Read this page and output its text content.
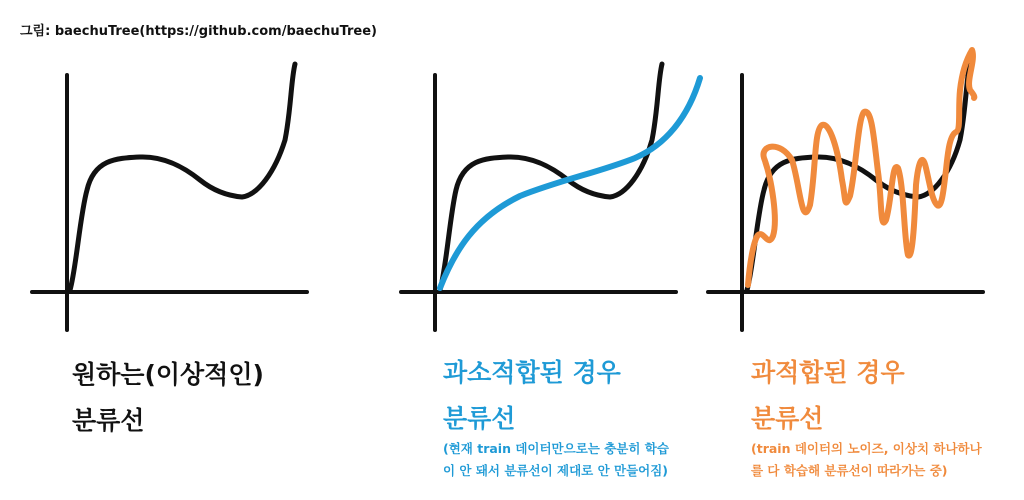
그림: baechuTree(https://github.com/baechuTree)
원하는(이상적인)
분류선
과소적합된 경우
분류선
(현재 train 데이터만으로는 충분히 학습
이 안 돼서 분류선이 제대로 안 만들어짐)
과적합된 경우
분류선
(train 데이터의 노이즈, 이상치 하나하나
를 다 학습해 분류선이 따라가는 중)
